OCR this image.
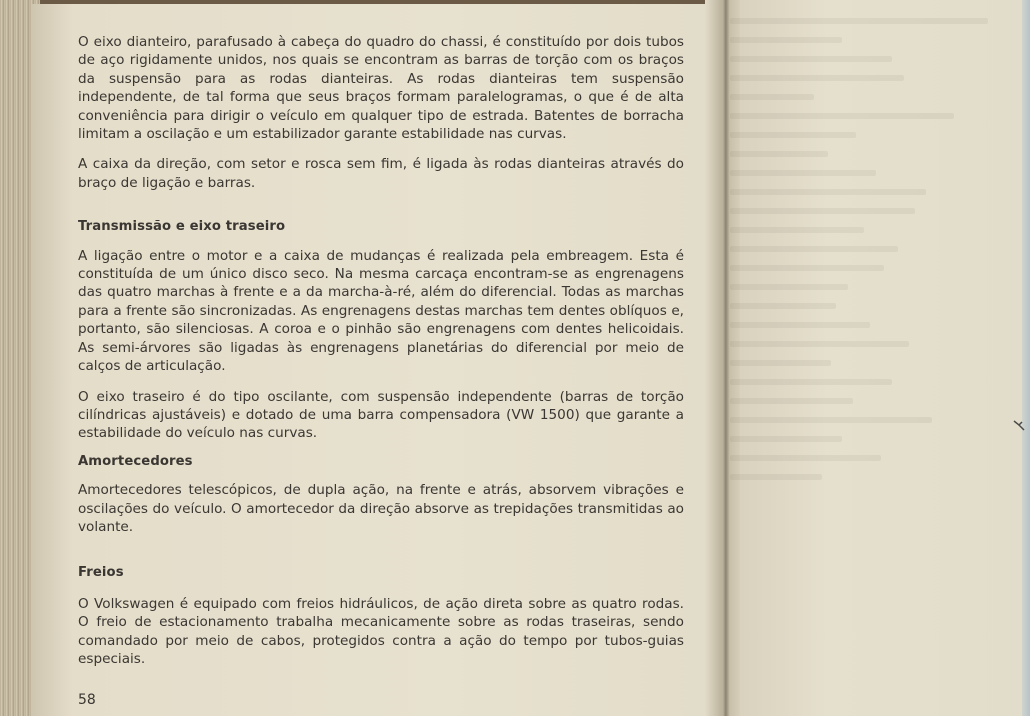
O eixo dianteiro, parafusado à cabeça do quadro do chassi, é constituído por dois tubos de aço rigidamente unidos, nos quais se encontram as barras de torção com os braços da suspensão para as rodas dianteiras. As rodas dianteiras tem suspensão independente, de tal forma que seus braços formam paralelogramas, o que é de alta conveniência para dirigir o veículo em qualquer tipo de estrada. Batentes de borracha limitam a oscilação e um estabilizador garante estabilidade nas curvas.

A caixa da direção, com setor e rosca sem fim, é ligada às rodas dianteiras através do braço de ligação e barras.

Transmissão e eixo traseiro

A ligação entre o motor e a caixa de mudanças é realizada pela embreagem. Esta é constituída de um único disco seco. Na mesma carcaça encontram-se as engrenagens das quatro marchas à frente e a da marcha-à-ré, além do diferencial. Todas as marchas para a frente são sincronizadas. As engrenagens destas marchas tem dentes oblíquos e, portanto, são silenciosas. A coroa e o pinhão são engrenagens com dentes helicoidais. As semi-árvores são ligadas às engrenagens planetárias do diferencial por meio de calços de articulação.

O eixo traseiro é do tipo oscilante, com suspensão independente (barras de torção cilíndricas ajustáveis) e dotado de uma barra compensadora (VW 1500) que garante a estabilidade do veículo nas curvas.

Amortecedores

Amortecedores telescópicos, de dupla ação, na frente e atrás, absorvem vibrações e oscilações do veículo. O amortecedor da direção absorve as trepidações transmitidas ao volante.

Freios

O Volkswagen é equipado com freios hidráulicos, de ação direta sobre as quatro rodas. O freio de estacionamento trabalha mecanicamente sobre as rodas traseiras, sendo comandado por meio de cabos, protegidos contra a ação do tempo por tubos-guias especiais.

58
